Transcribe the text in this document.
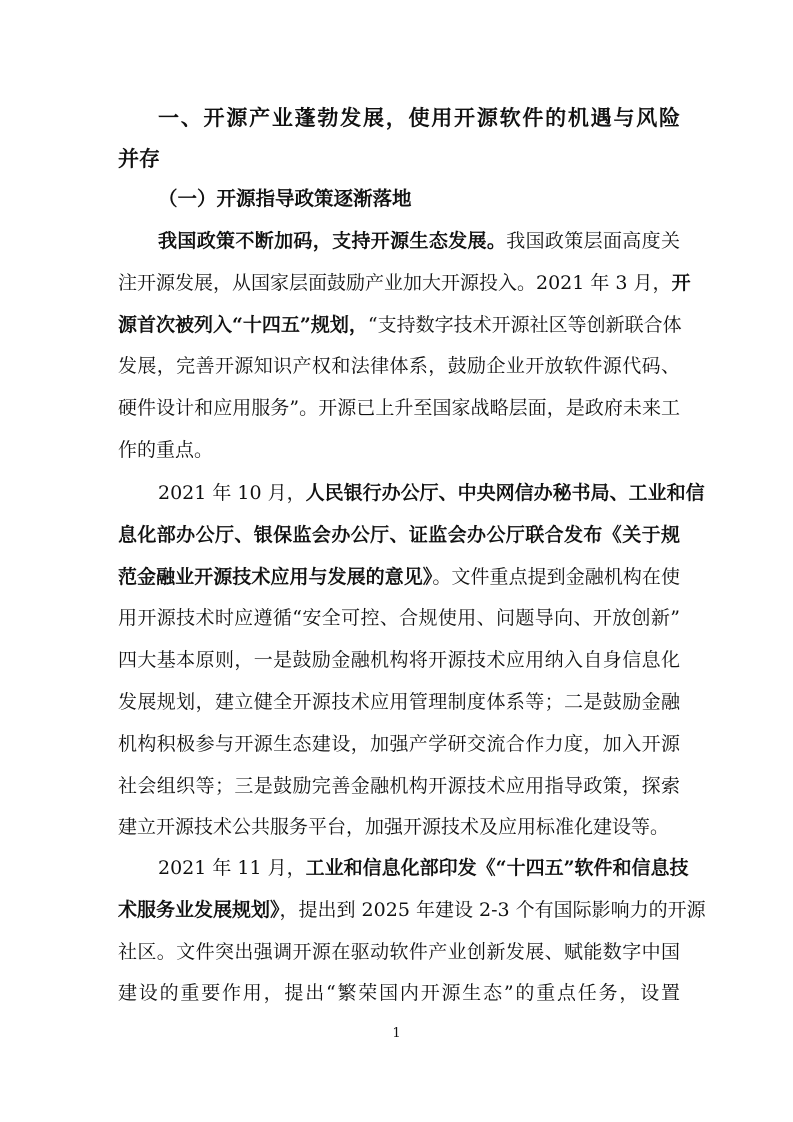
一、开源产业蓬勃发展，使用开源软件的机遇与风险
并存
（一）开源指导政策逐渐落地
我国政策不断加码，支持开源生态发展。我国政策层面高度关
注开源发展，从国家层面鼓励产业加大开源投入。2021 年 3 月，开
源首次被列入“十四五”规划，“支持数字技术开源社区等创新联合体
发展，完善开源知识产权和法律体系，鼓励企业开放软件源代码、
硬件设计和应用服务”。开源已上升至国家战略层面，是政府未来工
作的重点。
2021 年 10 月，人民银行办公厅、中央网信办秘书局、工业和信
息化部办公厅、银保监会办公厅、证监会办公厅联合发布《关于规
范金融业开源技术应用与发展的意见》。文件重点提到金融机构在使
用开源技术时应遵循“安全可控、合规使用、问题导向、开放创新”
四大基本原则，一是鼓励金融机构将开源技术应用纳入自身信息化
发展规划，建立健全开源技术应用管理制度体系等；二是鼓励金融
机构积极参与开源生态建设，加强产学研交流合作力度，加入开源
社会组织等；三是鼓励完善金融机构开源技术应用指导政策，探索
建立开源技术公共服务平台，加强开源技术及应用标准化建设等。
2021 年 11 月，工业和信息化部印发《“十四五”软件和信息技
术服务业发展规划》，提出到 2025 年建设 2-3 个有国际影响力的开源
社区。文件突出强调开源在驱动软件产业创新发展、赋能数字中国
建设的重要作用，提出“繁荣国内开源生态”的重点任务，设置
1
